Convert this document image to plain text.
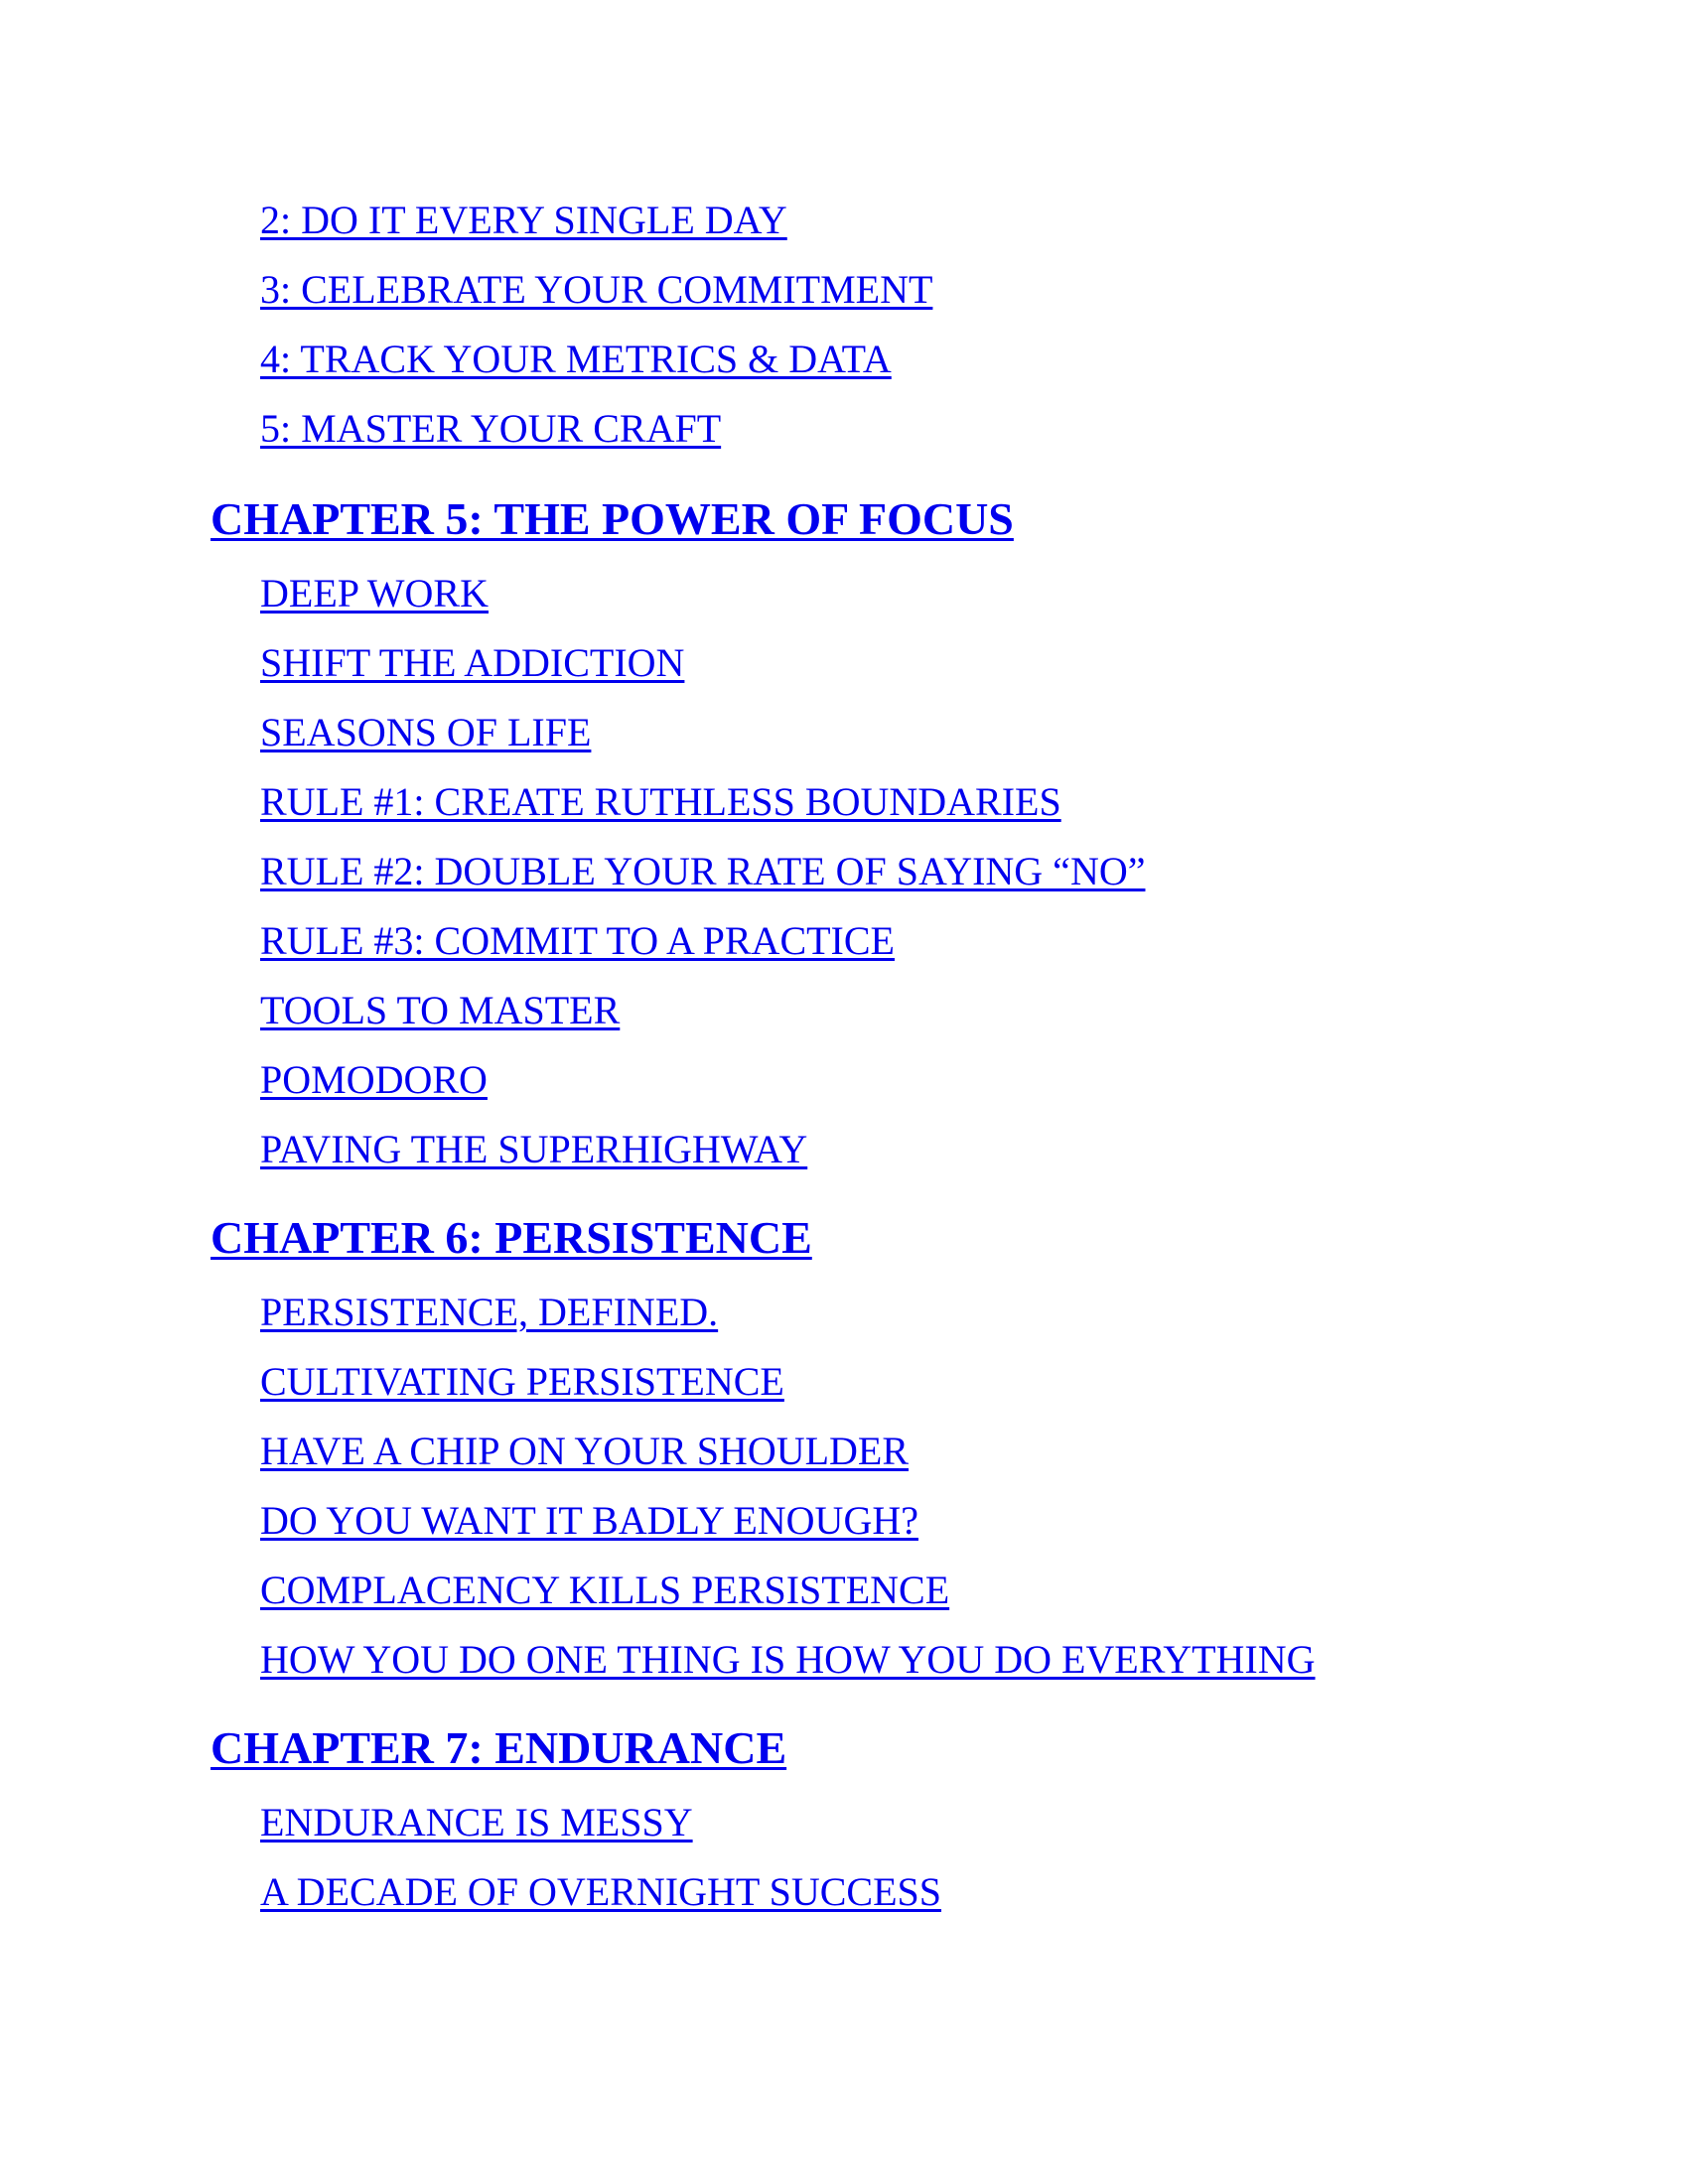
2: DO IT EVERY SINGLE DAY
3: CELEBRATE YOUR COMMITMENT
4: TRACK YOUR METRICS & DATA
5: MASTER YOUR CRAFT
CHAPTER 5: THE POWER OF FOCUS
DEEP WORK
SHIFT THE ADDICTION
SEASONS OF LIFE
RULE #1: CREATE RUTHLESS BOUNDARIES
RULE #2: DOUBLE YOUR RATE OF SAYING “NO”
RULE #3: COMMIT TO A PRACTICE
TOOLS TO MASTER
POMODORO
PAVING THE SUPERHIGHWAY
CHAPTER 6: PERSISTENCE
PERSISTENCE, DEFINED.
CULTIVATING PERSISTENCE
HAVE A CHIP ON YOUR SHOULDER
DO YOU WANT IT BADLY ENOUGH?
COMPLACENCY KILLS PERSISTENCE
HOW YOU DO ONE THING IS HOW YOU DO EVERYTHING
CHAPTER 7: ENDURANCE
ENDURANCE IS MESSY
A DECADE OF OVERNIGHT SUCCESS
